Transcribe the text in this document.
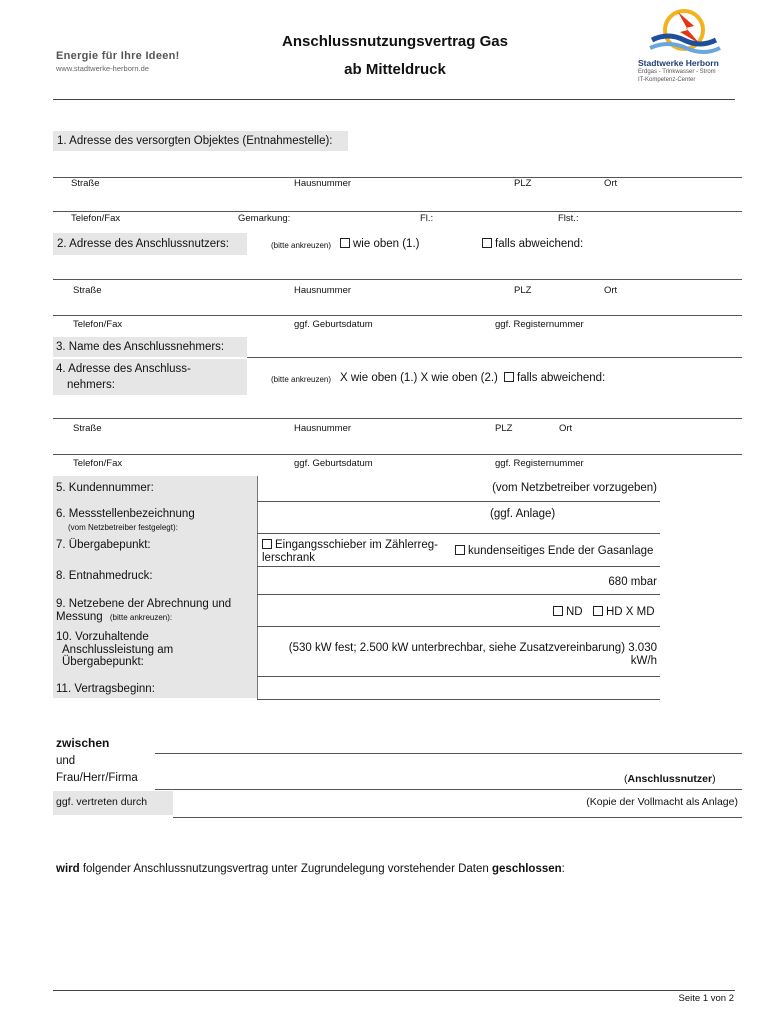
Energie für Ihre Ideen!
www.stadtwerke-herborn.de
Anschlussnutzungsvertrag Gas
ab Mitteldruck	Stadtwerke Herborn
Erdgas - Trinkwasser - Strom
IT-Kompetenz-Center
1. Adresse des versorgten Objektes (Entnahmestelle):
Straße	Hausnummer	PLZ	Ort
Telefon/Fax	Gemarkung:	Fl.:	Flst.:
2. Adresse des Anschlussnutzers:	(bitte ankreuzen)	wie oben (1.)	falls abweichend:
Straße	Hausnummer	PLZ	Ort
Telefon/Fax	ggf. Geburtsdatum	ggf. Registernummer
3. Name des Anschlussnehmers:
4. Adresse des Anschluss-
nehmers:	(bitte ankreuzen) X wie oben (1.) X wie oben (2.)	falls abweichend:
Straße	Hausnummer	PLZ	Ort
Telefon/Fax	ggf. Geburtsdatum	ggf. Registernummer
5. Kundennummer:	(vom Netzbetreiber vorzugeben)
6. Messstellenbezeichnung
(vom Netzbetreiber festgelegt):
(ggf. Anlage)
7. Übergabepunkt:	Eingangsschieber im Zählerreg-
lerschrank
kundenseitiges Ende der Gasanlage
8. Entnahmedruck:	680 mbar
9. Netzebene der Abrechnung und
Messung (bitte ankreuzen):	ND	HD X MD
10. Vorzuhaltende
Anschlussleistung am
Übergabepunkt:
(530 kW fest; 2.500 kW unterbrechbar, siehe Zusatzvereinbarung) 3.030
kW/h
11. Vertragsbeginn:
zwischen
und
Frau/Herr/Firma	(Anschlussnutzer)
ggf. vertreten durch	(Kopie der Vollmacht als Anlage)
wird folgender Anschlussnutzungsvertrag unter Zugrundelegung vorstehender Daten geschlossen:
Seite 1 von 2
